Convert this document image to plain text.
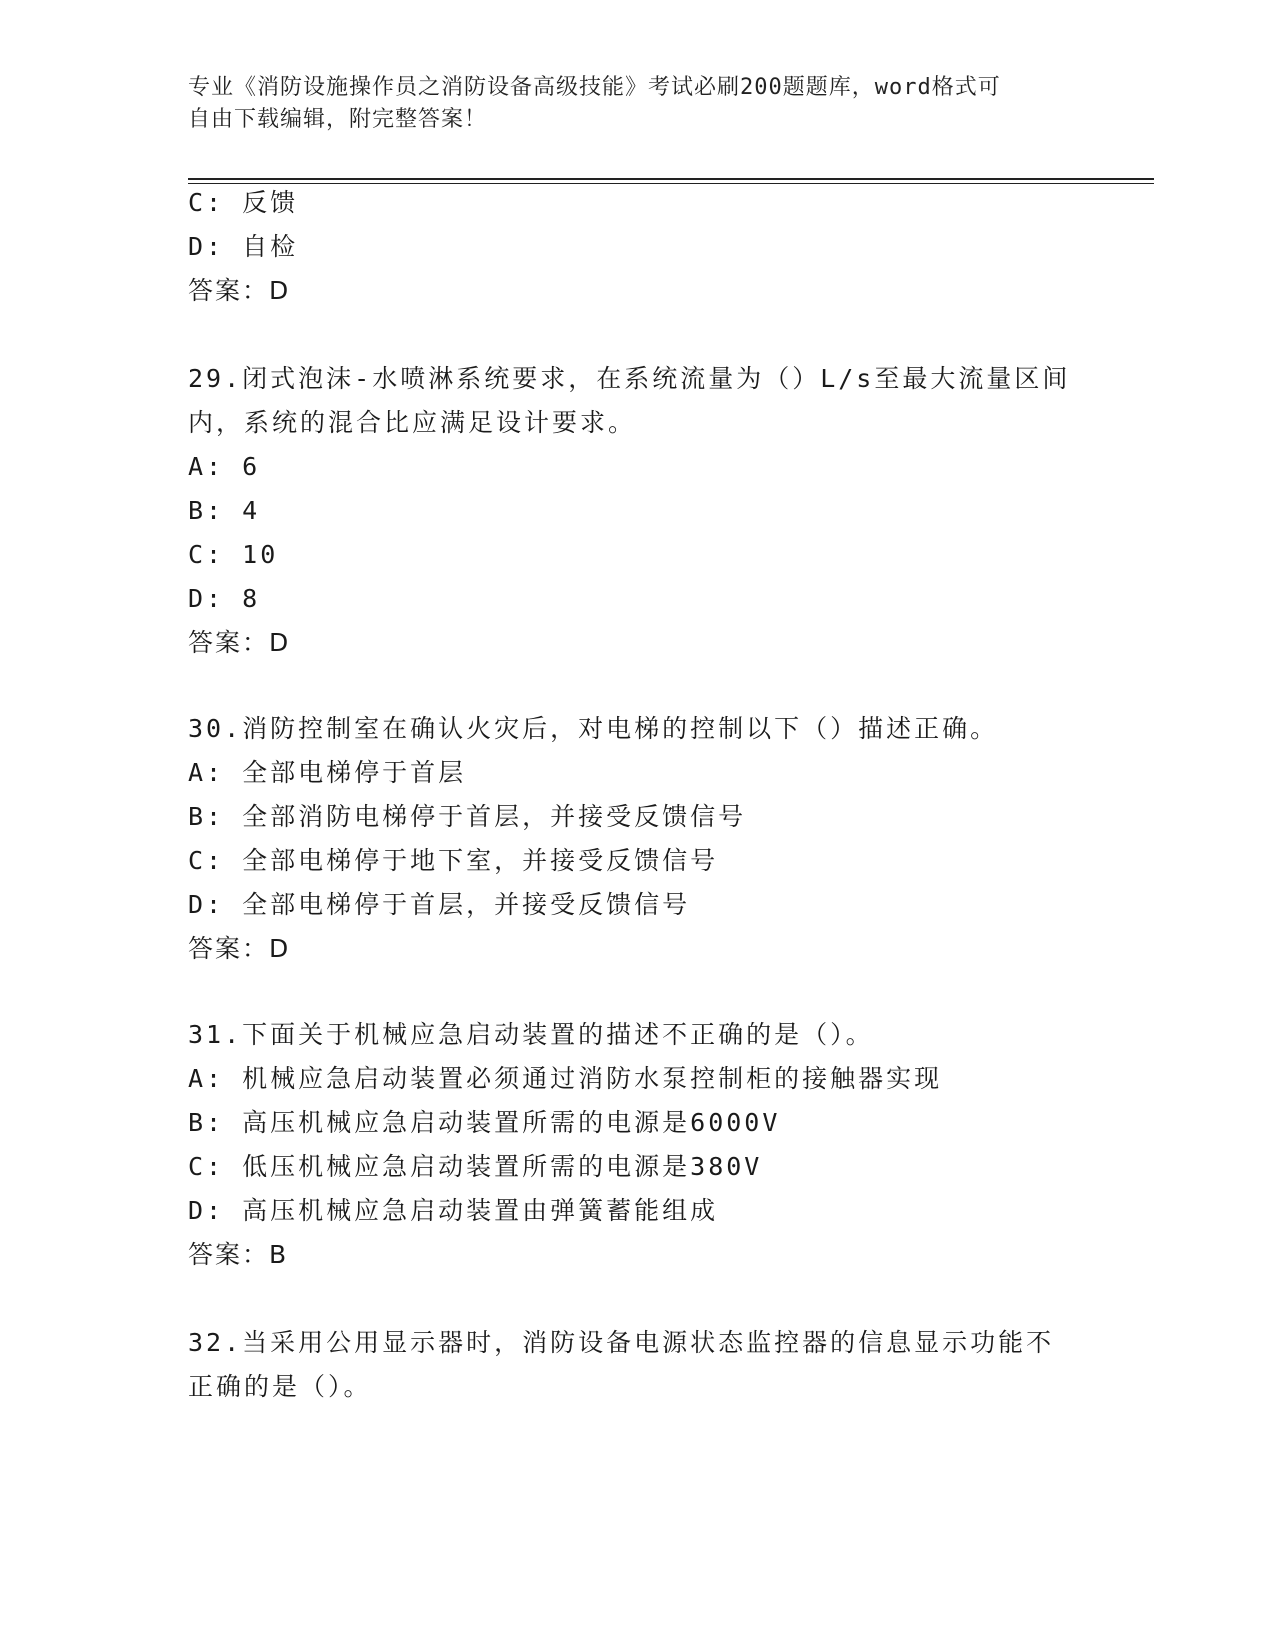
专业《消防设施操作员之消防设备高级技能》考试必刷200题题库，word格式可
自由下载编辑，附完整答案！
C: 反馈
D: 自检
答案：D
29.闭式泡沫-水喷淋系统要求，在系统流量为（）L/s至最大流量区间
内，系统的混合比应满足设计要求。
A: 6
B: 4
C: 10
D: 8
答案：D
30.消防控制室在确认火灾后，对电梯的控制以下（）描述正确。
A: 全部电梯停于首层
B: 全部消防电梯停于首层，并接受反馈信号
C: 全部电梯停于地下室，并接受反馈信号
D: 全部电梯停于首层，并接受反馈信号
答案：D
31.下面关于机械应急启动装置的描述不正确的是（）。
A: 机械应急启动装置必须通过消防水泵控制柜的接触器实现
B: 高压机械应急启动装置所需的电源是6000V
C: 低压机械应急启动装置所需的电源是380V
D: 高压机械应急启动装置由弹簧蓄能组成
答案：B
32.当采用公用显示器时，消防设备电源状态监控器的信息显示功能不
正确的是（）。
